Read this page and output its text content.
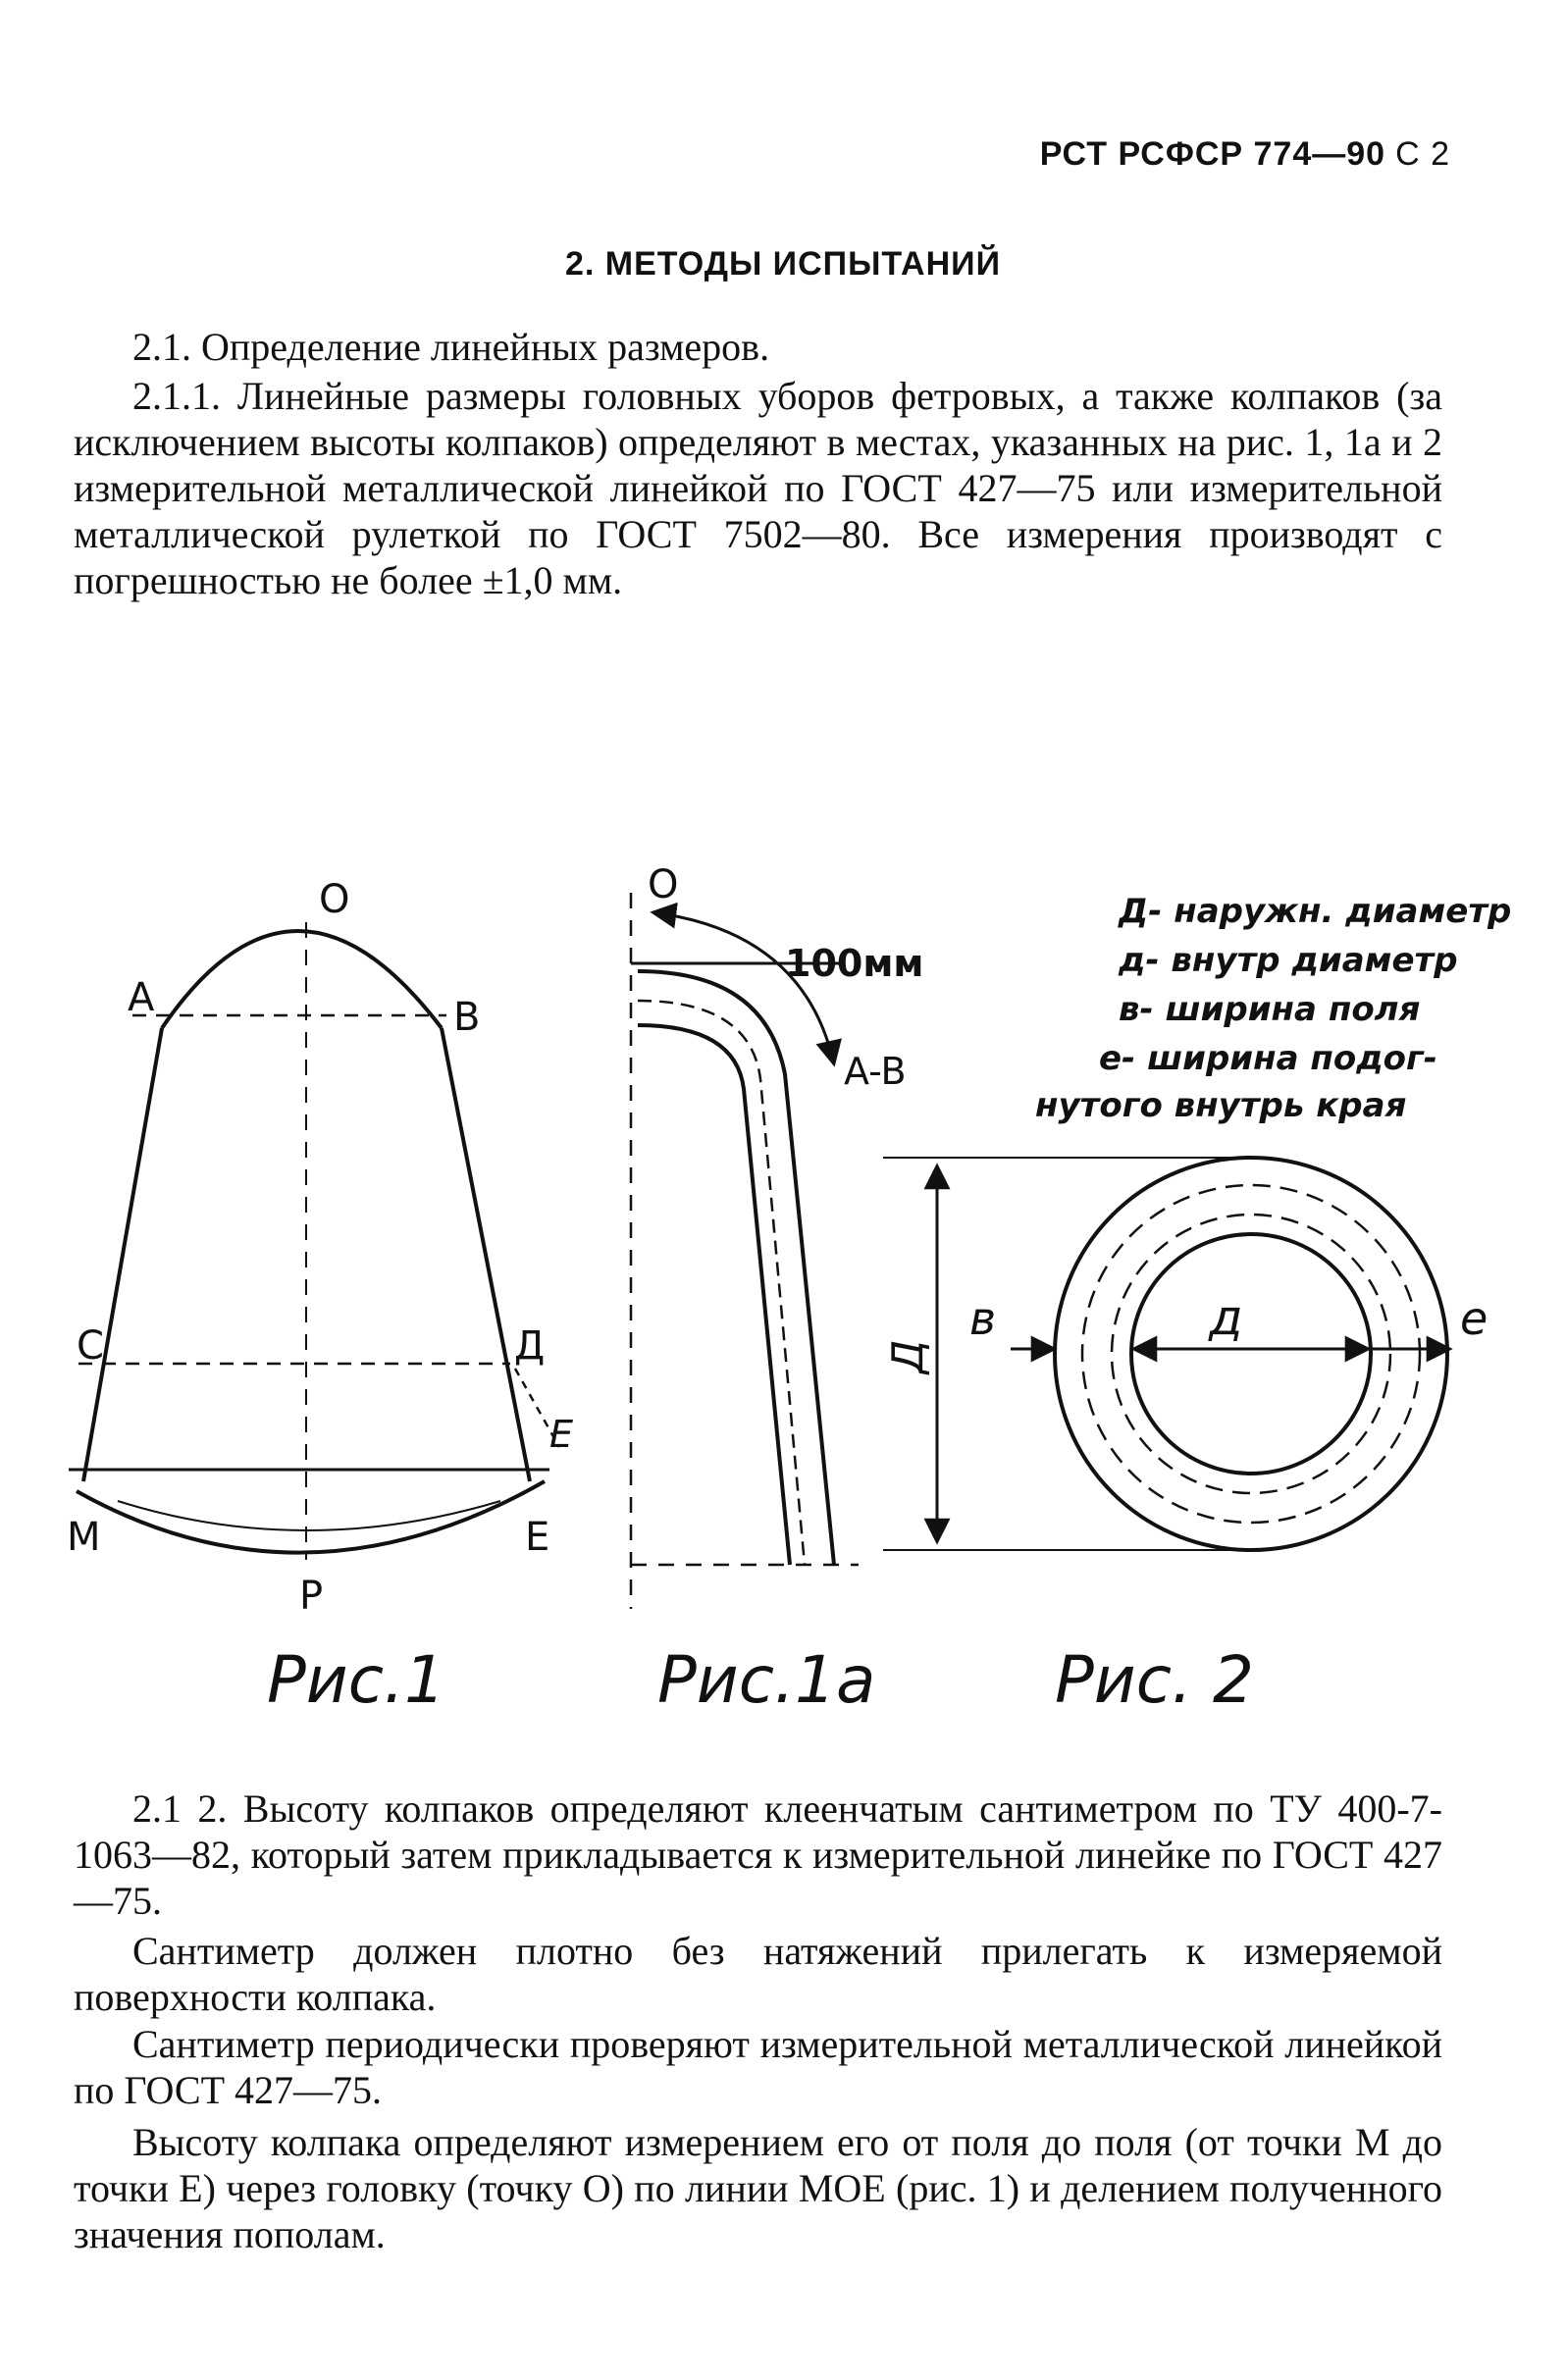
РСТ РСФСР 774—90 С 2
2. МЕТОДЫ ИСПЫТАНИЙ

2.1. Определение линейных размеров.

2.1.1. Линейные размеры головных уборов фетровых, а также колпаков (за исключением высоты колпаков) определяют в местах, указанных на рис. 1, 1а и 2 измерительной металлической линейкой по ГОСТ 427—75 или измерительной металлической рулеткой по ГОСТ 7502—80. Все измерения производят с погрешностью не более ±1,0 мм.

O
A	B
C	Д
E
M	E
P
Рис.1
O
100мм
A-B
Рис.1а
в	д	е
Д
Рис. 2
Д- наружн. диаметр
д- внутр диаметр
в- ширина поля
е- ширина подог-
нутого внутрь края

2.1 2. Высоту колпаков определяют клеенчатым сантиметром по ТУ 400-7-1063—82, который затем прикладывается к измерительной линейке по ГОСТ 427—75.

Сантиметр должен плотно без натяжений прилегать к измеряемой поверхности колпака.

Сантиметр периодически проверяют измерительной металлической линейкой по ГОСТ 427—75.

Высоту колпака определяют измерением его от поля до поля (от точки М до точки Е) через головку (точку О) по линии МОЕ (рис. 1) и делением полученного значения пополам.
